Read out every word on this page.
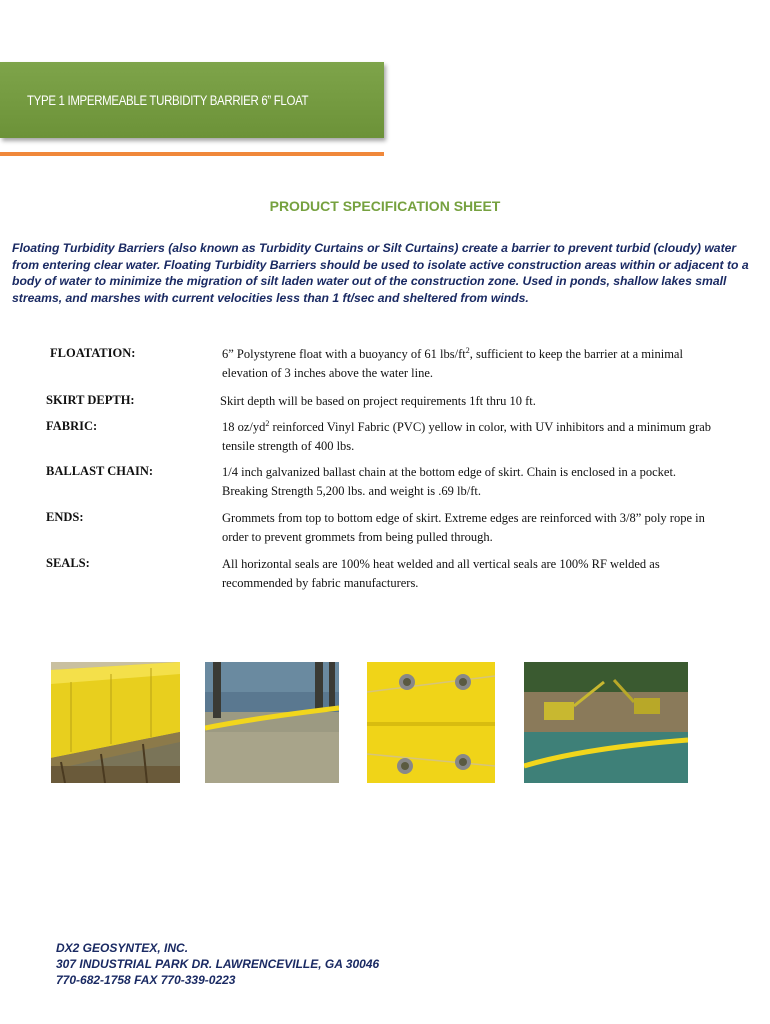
TYPE 1 IMPERMEABLE TURBIDITY BARRIER 6” FLOAT
PRODUCT SPECIFICATION SHEET

Floating Turbidity Barriers (also known as Turbidity Curtains or Silt Curtains) create a barrier to prevent turbid (cloudy) water from entering clear water. Floating Turbidity Barriers should be used to isolate active construction areas within or adjacent to a body of water to minimize the migration of silt laden water out of the construction zone. Used in ponds, shallow lakes small streams, and marshes with current velocities less than 1 ft/sec and sheltered from winds.

FLOATATION:	6” Polystyrene float with a buoyancy of 61 lbs/$ft^2$, sufficient to keep the barrier at a minimal elevation of 3 inches above the water line.
SKIRT DEPTH:	Skirt depth will be based on project requirements 1ft thru 10 ft.
FABRIC:	18 $oz/yd^2$ reinforced Vinyl Fabric (PVC) yellow in color, with UV inhibitors and a minimum grab tensile strength of 400 lbs.
BALLAST CHAIN:	1/4 inch galvanized ballast chain at the bottom edge of skirt. Chain is enclosed in a pocket. Breaking Strength 5,200 lbs. and weight is .69 lb/ft.
ENDS:	Grommets from top to bottom edge of skirt. Extreme edges are reinforced with 3/8” poly rope in order to prevent grommets from being pulled through.
SEALS:	All horizontal seals are 100% heat welded and all vertical seals are 100% RF welded as recommended by fabric manufacturers.
DX2 GEOSYNTEX, INC.
307 INDUSTRIAL PARK DR. LAWRENCEVILLE, GA 30046
770-682-1758 FAX 770-339-0223
